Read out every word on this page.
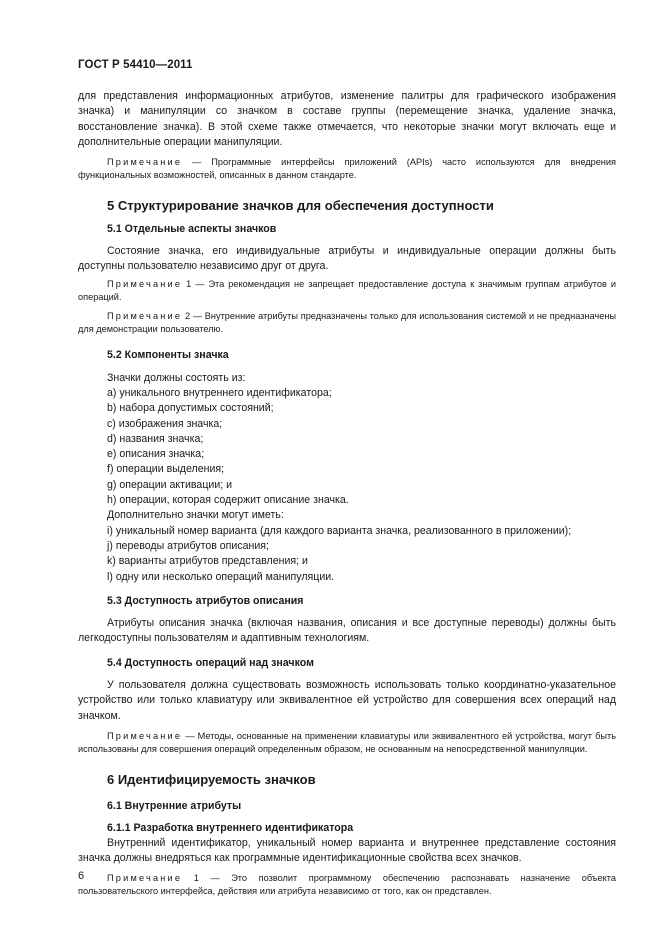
ГОСТ Р 54410—2011

для представления информационных атрибутов, изменение палитры для графического изображения значка) и манипуляции со значком в составе группы (перемещение значка, удаление значка, восстановление значка). В этой схеме также отмечается, что некоторые значки могут включать еще и дополнительные операции манипуляции.

Примечание — Программные интерфейсы приложений (APIs) часто используются для внедрения функциональных возможностей, описанных в данном стандарте.

5 Структурирование значков для обеспечения доступности

5.1 Отдельные аспекты значков

Состояние значка, его индивидуальные атрибуты и индивидуальные операции должны быть доступны пользователю независимо друг от друга.

Примечание 1 — Эта рекомендация не запрещает предоставление доступа к значимым группам атрибутов и операций.

Примечание 2 — Внутренние атрибуты предназначены только для использования системой и не предназначены для демонстрации пользователю.

5.2 Компоненты значка

Значки должны состоять из:

a) уникального внутреннего идентификатора;

b) набора допустимых состояний;

c) изображения значка;

d) названия значка;

e) описания значка;

f) операции выделения;

g) операции активации; и

h) операции, которая содержит описание значка.

Дополнительно значки могут иметь:

i) уникальный номер варианта (для каждого варианта значка, реализованного в приложении);

j) переводы атрибутов описания;

k) варианты атрибутов представления; и

l) одну или несколько операций манипуляции.

5.3 Доступность атрибутов описания

Атрибуты описания значка (включая названия, описания и все доступные переводы) должны быть легкодоступны пользователям и адаптивным технологиям.

5.4 Доступность операций над значком

У пользователя должна существовать возможность использовать только координатно-указательное устройство или только клавиатуру или эквивалентное ей устройство для совершения всех операций над значком.

Примечание — Методы, основанные на применении клавиатуры или эквивалентного ей устройства, могут быть использованы для совершения операций определенным образом, не основанным на непосредственной манипуляции.

6 Идентифицируемость значков

6.1 Внутренние атрибуты

6.1.1 Разработка внутреннего идентификатора

Внутренний идентификатор, уникальный номер варианта и внутреннее представление состояния значка должны внедряться как программные идентификационные свойства всех значков.

Примечание 1 — Это позволит программному обеспечению распознавать назначение объекта пользовательского интерфейса, действия или атрибута независимо от того, как он представлен.

6
